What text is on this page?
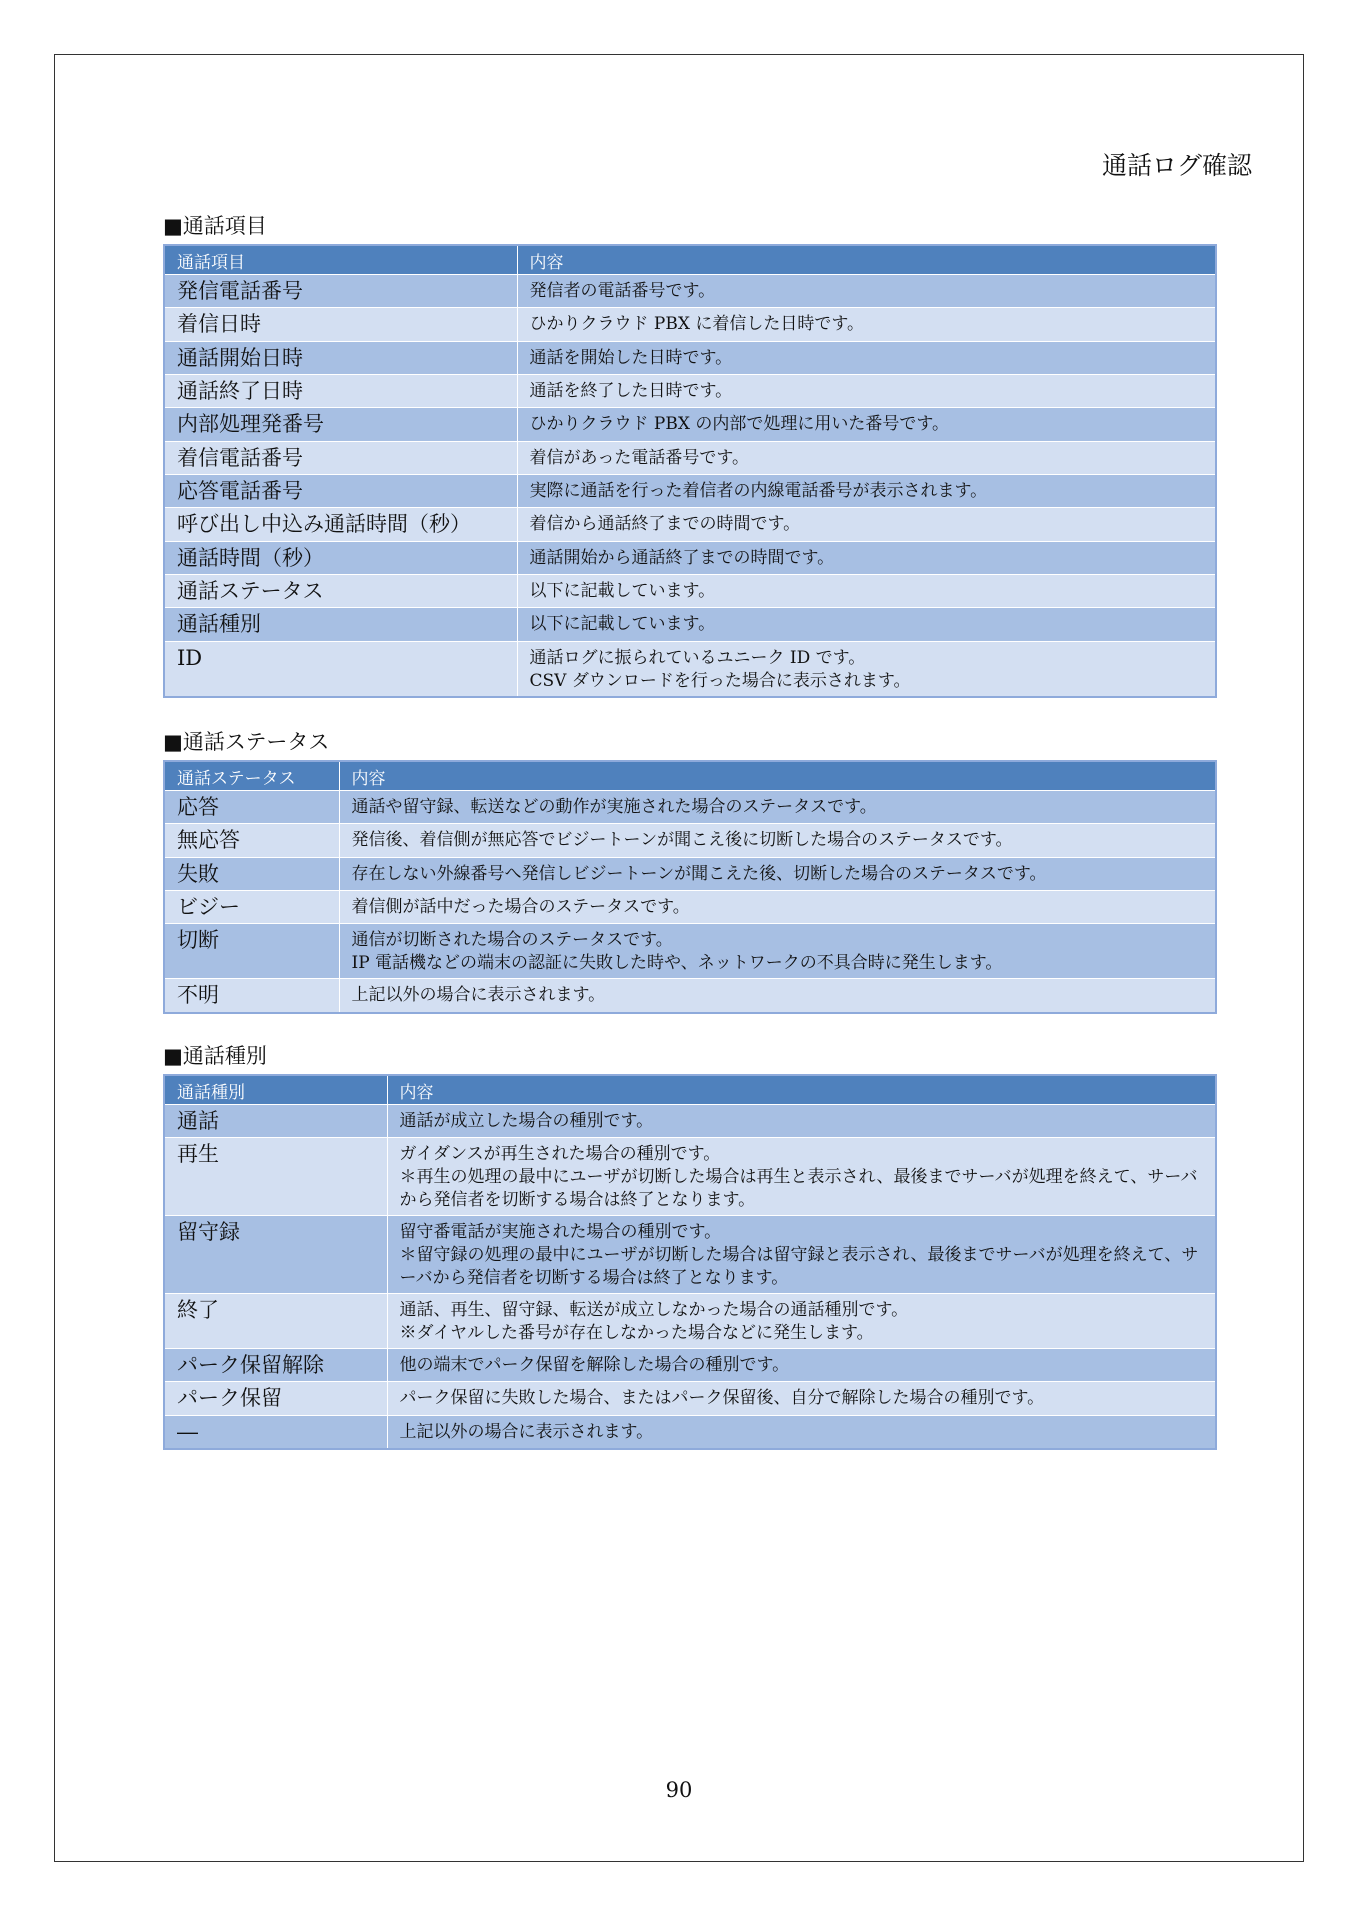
通話ログ確認
■通話項目
通話項目	内容
発信電話番号	発信者の電話番号です。

着信日時	ひかりクラウド PBX に着信した日時です。

通話開始日時	通話を開始した日時です。

通話終了日時	通話を終了した日時です。

内部処理発番号	ひかりクラウド PBX の内部で処理に用いた番号です。

着信電話番号	着信があった電話番号です。

応答電話番号	実際に通話を行った着信者の内線電話番号が表示されます。

呼び出し中込み通話時間（秒）	着信から通話終了までの時間です。

通話時間（秒）	通話開始から通話終了までの時間です。

通話ステータス	以下に記載しています。

通話種別	以下に記載しています。

ID	通話ログに振られているユニーク ID です。
CSV ダウンロードを行った場合に表示されます。
■通話ステータス
通話ステータス	内容
応答	通話や留守録、転送などの動作が実施された場合のステータスです。

無応答	発信後、着信側が無応答でビジートーンが聞こえ後に切断した場合のステータスです。

失敗	存在しない外線番号へ発信しビジートーンが聞こえた後、切断した場合のステータスです。

ビジー	着信側が話中だった場合のステータスです。

切断	通信が切断された場合のステータスです。
IP 電話機などの端末の認証に失敗した時や、ネットワークの不具合時に発生します。

不明	上記以外の場合に表示されます。
■通話種別
通話種別	内容
通話	通話が成立した場合の種別です。

再生	ガイダンスが再生された場合の種別です。
＊再生の処理の最中にユーザが切断した場合は再生と表示され、最後までサーバが処理を終えて、サーバから発信者を切断する場合は終了となります。

留守録	留守番電話が実施された場合の種別です。
＊留守録の処理の最中にユーザが切断した場合は留守録と表示され、最後までサーバが処理を終えて、サーバから発信者を切断する場合は終了となります。

終了	通話、再生、留守録、転送が成立しなかった場合の通話種別です。
※ダイヤルした番号が存在しなかった場合などに発生します。

パーク保留解除	他の端末でパーク保留を解除した場合の種別です。

パーク保留	パーク保留に失敗した場合、またはパーク保留後、自分で解除した場合の種別です。

―	上記以外の場合に表示されます。
90
